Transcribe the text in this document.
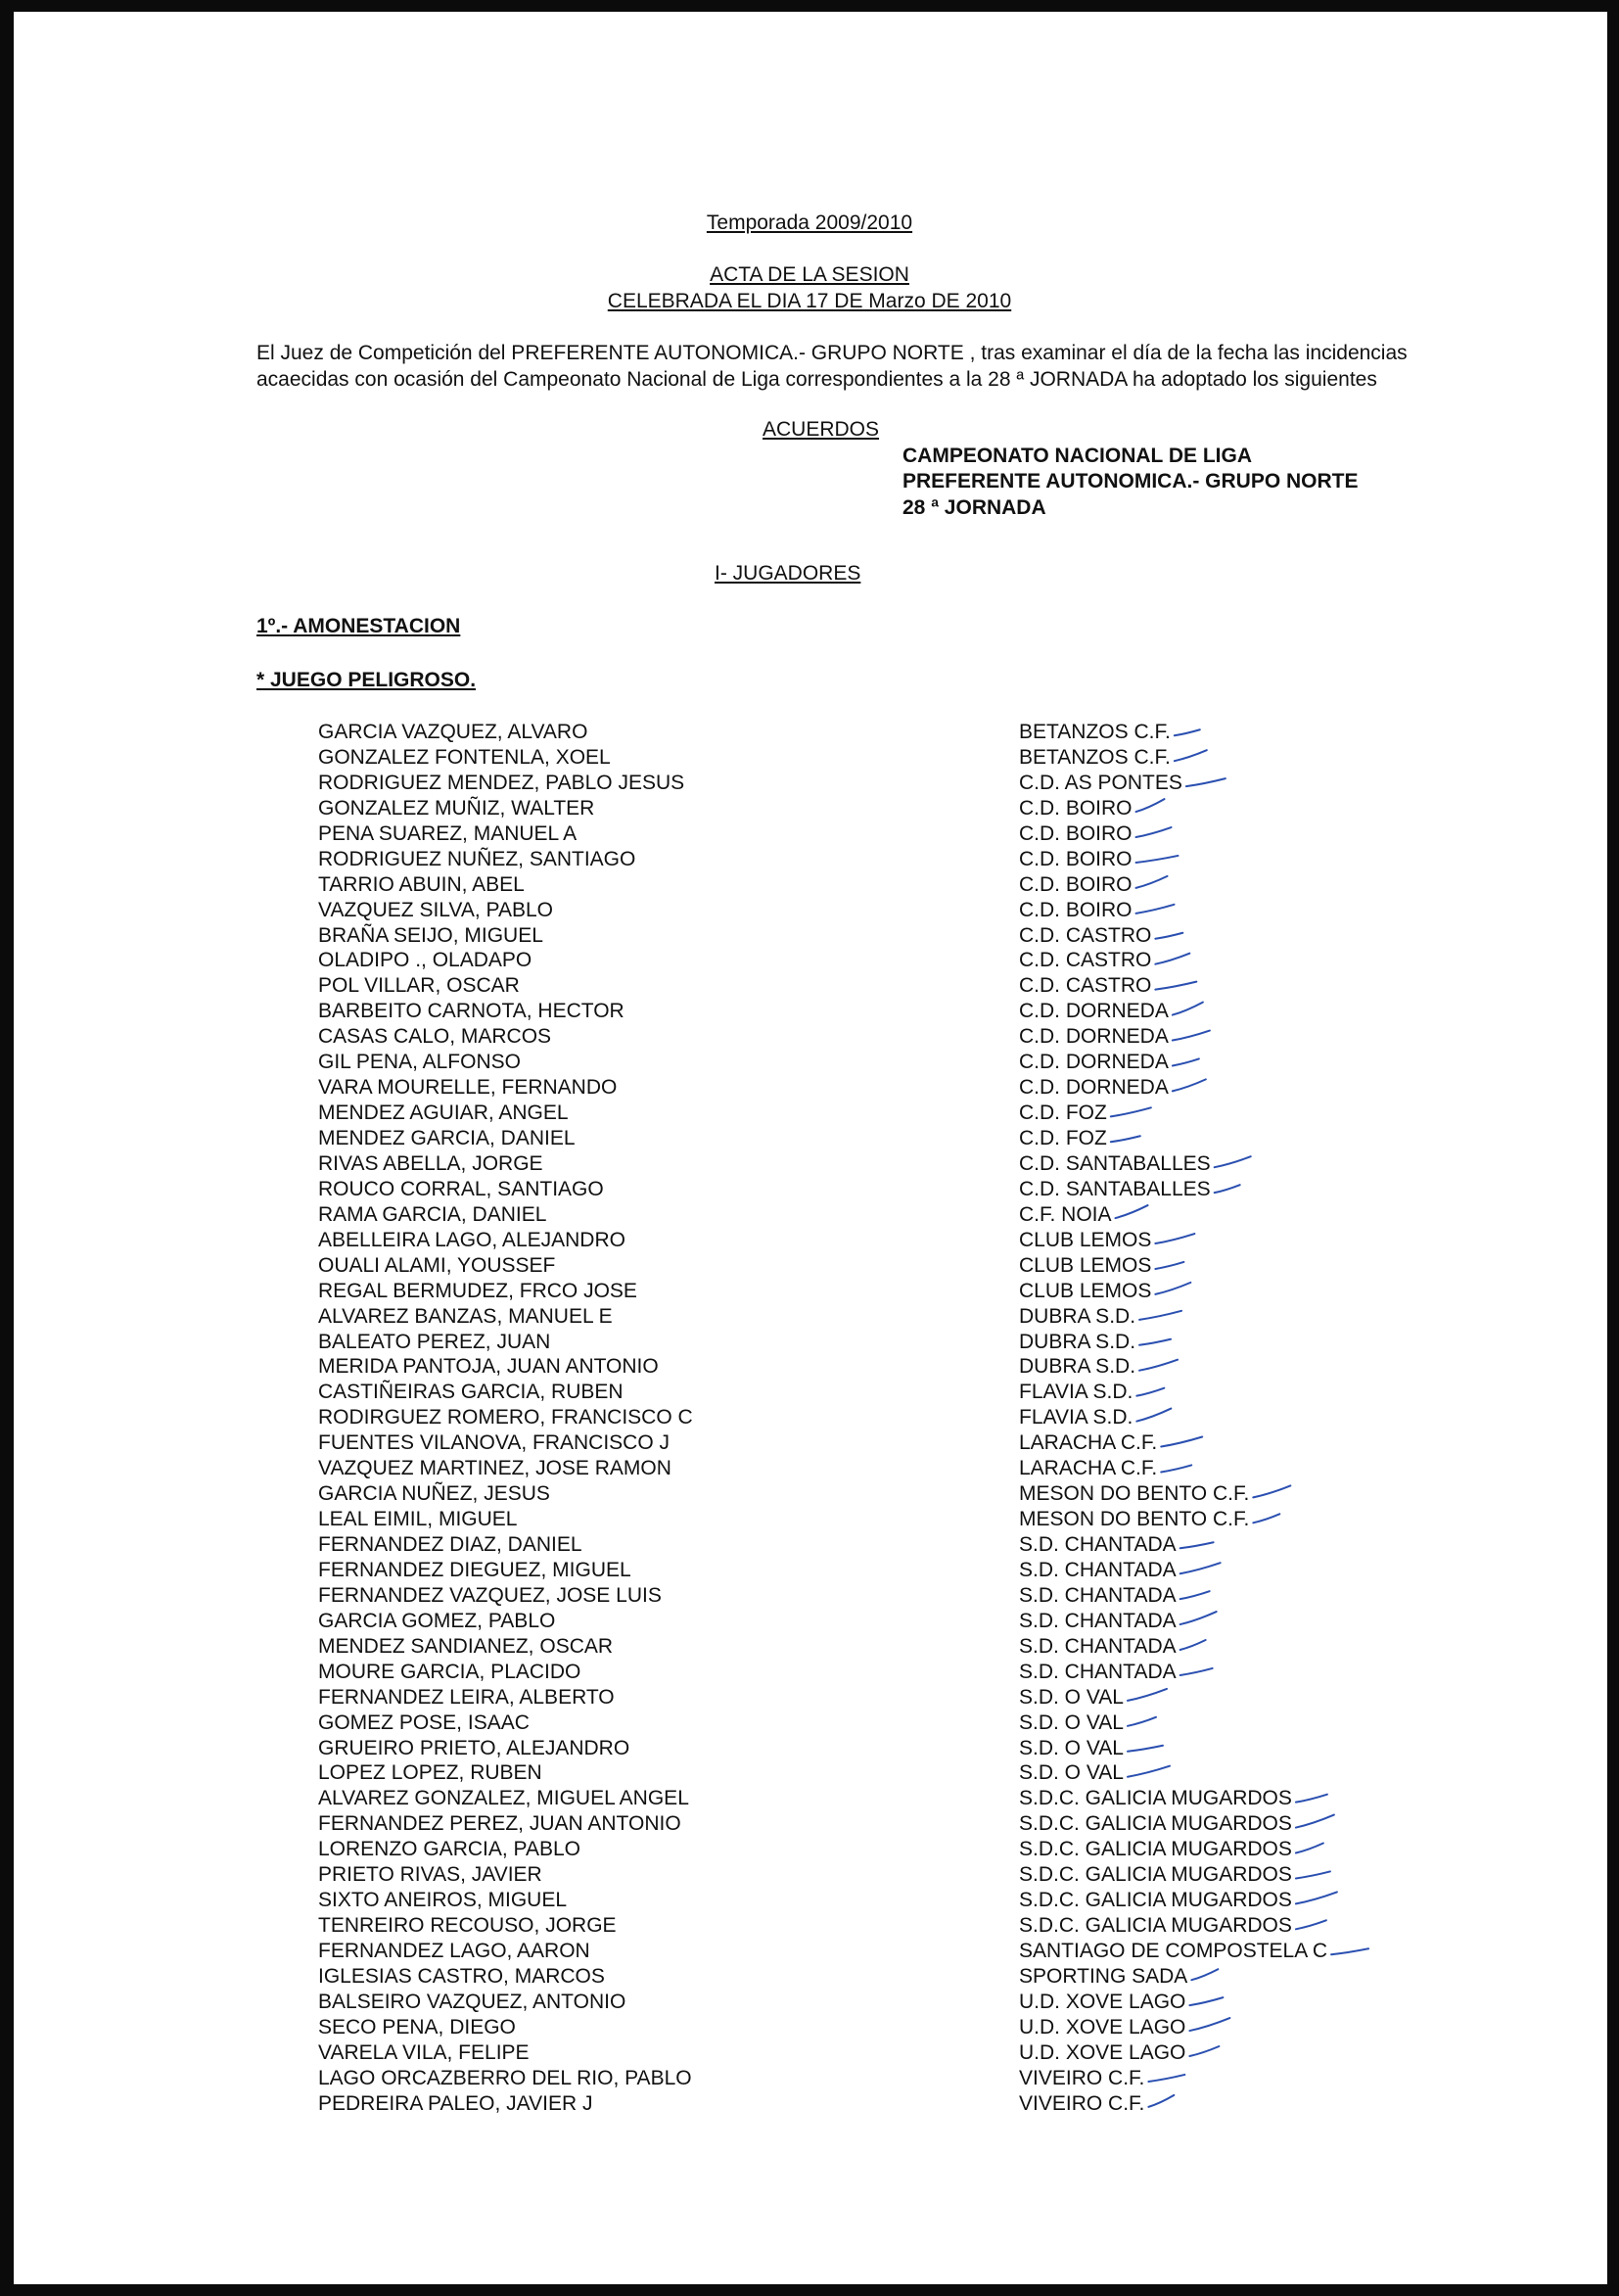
Temporada 2009/2010
ACTA DE LA SESION
CELEBRADA EL DIA 17 DE Marzo DE 2010
El Juez de Competición del PREFERENTE AUTONOMICA.- GRUPO NORTE , tras examinar el día de la fecha las incidencias acaecidas con ocasión del Campeonato Nacional de Liga correspondientes a la 28 ª JORNADA ha adoptado los siguientes
ACUERDOS
CAMPEONATO NACIONAL DE LIGA
PREFERENTE AUTONOMICA.- GRUPO NORTE
28 ª JORNADA
I- JUGADORES
1º.- AMONESTACION
* JUEGO PELIGROSO.
GARCIA VAZQUEZ, ALVARO	BETANZOS C.F.
GONZALEZ FONTENLA, XOEL	BETANZOS C.F.
RODRIGUEZ MENDEZ, PABLO JESUS	C.D. AS PONTES
GONZALEZ MUÑIZ, WALTER	C.D. BOIRO
PENA SUAREZ, MANUEL A	C.D. BOIRO
RODRIGUEZ NUÑEZ, SANTIAGO	C.D. BOIRO
TARRIO ABUIN, ABEL	C.D. BOIRO
VAZQUEZ SILVA, PABLO	C.D. BOIRO
BRAÑA SEIJO, MIGUEL	C.D. CASTRO
OLADIPO ., OLADAPO	C.D. CASTRO
POL VILLAR, OSCAR	C.D. CASTRO
BARBEITO CARNOTA, HECTOR	C.D. DORNEDA
CASAS CALO, MARCOS	C.D. DORNEDA
GIL PENA, ALFONSO	C.D. DORNEDA
VARA MOURELLE, FERNANDO	C.D. DORNEDA
MENDEZ AGUIAR, ANGEL	C.D. FOZ
MENDEZ GARCIA, DANIEL	C.D. FOZ
RIVAS ABELLA, JORGE	C.D. SANTABALLES
ROUCO CORRAL, SANTIAGO	C.D. SANTABALLES
RAMA GARCIA, DANIEL	C.F. NOIA
ABELLEIRA LAGO, ALEJANDRO	CLUB LEMOS
OUALI ALAMI, YOUSSEF	CLUB LEMOS
REGAL BERMUDEZ, FRCO JOSE	CLUB LEMOS
ALVAREZ BANZAS, MANUEL E	DUBRA S.D.
BALEATO PEREZ, JUAN	DUBRA S.D.
MERIDA PANTOJA, JUAN ANTONIO	DUBRA S.D.
CASTIÑEIRAS GARCIA, RUBEN	FLAVIA S.D.
RODIRGUEZ ROMERO, FRANCISCO C	FLAVIA S.D.
FUENTES VILANOVA, FRANCISCO J	LARACHA C.F.
VAZQUEZ MARTINEZ, JOSE RAMON	LARACHA C.F.
GARCIA NUÑEZ, JESUS	MESON DO BENTO C.F.
LEAL EIMIL, MIGUEL	MESON DO BENTO C.F.
FERNANDEZ DIAZ, DANIEL	S.D. CHANTADA
FERNANDEZ DIEGUEZ, MIGUEL	S.D. CHANTADA
FERNANDEZ VAZQUEZ, JOSE LUIS	S.D. CHANTADA
GARCIA GOMEZ, PABLO	S.D. CHANTADA
MENDEZ SANDIANEZ, OSCAR	S.D. CHANTADA
MOURE GARCIA, PLACIDO	S.D. CHANTADA
FERNANDEZ LEIRA, ALBERTO	S.D. O VAL
GOMEZ POSE, ISAAC	S.D. O VAL
GRUEIRO PRIETO, ALEJANDRO	S.D. O VAL
LOPEZ LOPEZ, RUBEN	S.D. O VAL
ALVAREZ GONZALEZ, MIGUEL ANGEL	S.D.C. GALICIA MUGARDOS
FERNANDEZ PEREZ, JUAN ANTONIO	S.D.C. GALICIA MUGARDOS
LORENZO GARCIA, PABLO	S.D.C. GALICIA MUGARDOS
PRIETO RIVAS, JAVIER	S.D.C. GALICIA MUGARDOS
SIXTO ANEIROS, MIGUEL	S.D.C. GALICIA MUGARDOS
TENREIRO RECOUSO, JORGE	S.D.C. GALICIA MUGARDOS
FERNANDEZ LAGO, AARON	SANTIAGO DE COMPOSTELA C
IGLESIAS CASTRO, MARCOS	SPORTING SADA
BALSEIRO VAZQUEZ, ANTONIO	U.D. XOVE LAGO
SECO PENA, DIEGO	U.D. XOVE LAGO
VARELA VILA, FELIPE	U.D. XOVE LAGO
LAGO ORCAZBERRO DEL RIO, PABLO	VIVEIRO C.F.
PEDREIRA PALEO, JAVIER J	VIVEIRO C.F.
